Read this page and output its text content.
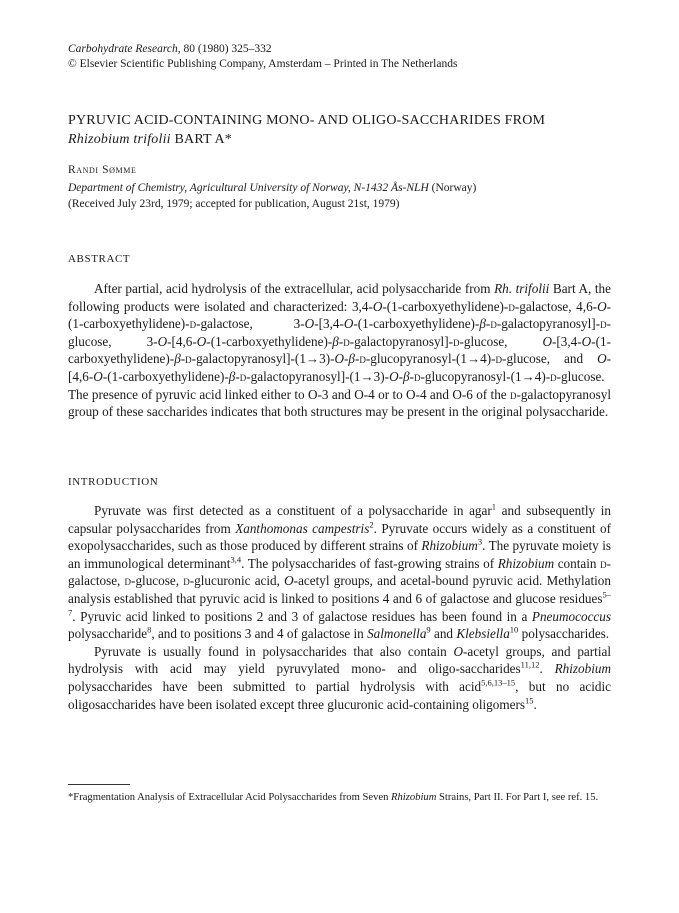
Carbohydrate Research, 80 (1980) 325–332
© Elsevier Scientific Publishing Company, Amsterdam – Printed in The Netherlands
PYRUVIC ACID-CONTAINING MONO- AND OLIGO-SACCHARIDES FROM
Rhizobium trifolii BART A*
Randi Sømme
Department of Chemistry, Agricultural University of Norway, N-1432 Ås-NLH (Norway)
(Received July 23rd, 1979; accepted for publication, August 21st, 1979)
ABSTRACT
After partial, acid hydrolysis of the extracellular, acid polysaccharide from Rh. trifolii Bart A, the following products were isolated and characterized: 3,4-O-(1-carboxyethylidene)-d-galactose, 4,6-O-(1-carboxyethylidene)-d-galactose, 3-O-[3,4-O-(1-carboxyethylidene)-β-d-galactopyranosyl]-d-glucose, 3-O-[4,6-O-(1-carboxyethylidene)-β-d-galactopyranosyl]-d-glucose, O-[3,4-O-(1-carboxyethylidene)-β-d-galactopyranosyl]-(1→3)-O-β-d-glucopyranosyl-(1→4)-d-glucose, and O-[4,6-O-(1-carboxyethylidene)-β-d-galactopyranosyl]-(1→3)-O-β-d-glucopyranosyl-(1→4)-d-glucose. The presence of pyruvic acid linked either to O-3 and O-4 or to O-4 and O-6 of the d-galactopyranosyl group of these saccharides indicates that both structures may be present in the original polysaccharide.
INTRODUCTION
Pyruvate was first detected as a constituent of a polysaccharide in agar$^1$ and subsequently in capsular polysaccharides from Xanthomonas campestris$^2$. Pyruvate occurs widely as a constituent of exopolysaccharides, such as those produced by different strains of Rhizobium$^3$. The pyruvate moiety is an immunological determinant$^{3,4}$. The polysaccharides of fast-growing strains of Rhizobium contain d-galactose, d-glucose, d-glucuronic acid, O-acetyl groups, and acetal-bound pyruvic acid. Methylation analysis established that pyruvic acid is linked to positions 4 and 6 of galactose and glucose residues$^{5-7}$. Pyruvic acid linked to positions 2 and 3 of galactose residues has been found in a Pneumococcus polysaccharide$^8$, and to positions 3 and 4 of galactose in Salmonella$^9$ and Klebsiella$^{10}$ polysaccharides.
Pyruvate is usually found in polysaccharides that also contain O-acetyl groups, and partial hydrolysis with acid may yield pyruvylated mono- and oligo-saccharides$^{11,12}$. Rhizobium polysaccharides have been submitted to partial hydrolysis with acid$^{5,6,13-15}$, but no acidic oligosaccharides have been isolated except three glucuronic acid-containing oligomers$^{15}$.
*Fragmentation Analysis of Extracellular Acid Polysaccharides from Seven Rhizobium Strains, Part II. For Part I, see ref. 15.
